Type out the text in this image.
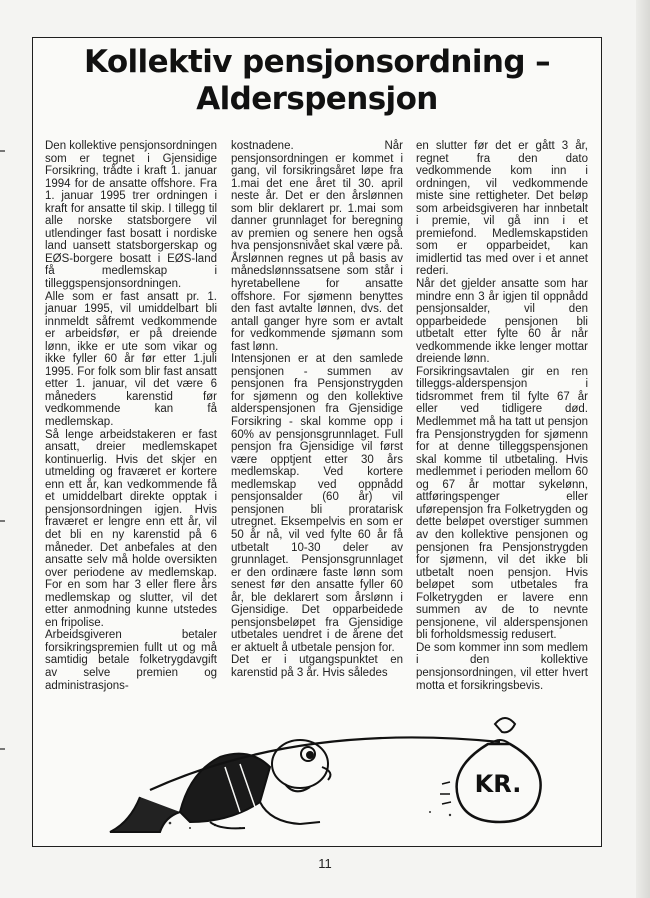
Kollektiv pensjonsordning –
Alderspensjon

Den kollektive pensjonsordningen som er tegnet i Gjensidige Forsikring, trådte i kraft 1. januar 1994 for de ansatte offshore. Fra 1. januar 1995 trer ordningen i kraft for ansatte til skip. I tillegg til alle norske statsborgere vil utlendinger fast bosatt i nordiske land uansett statsborgerskap og EØS-borgere bosatt i EØS-land få medlemskap i tilleggspensjonsordningen.

Alle som er fast ansatt pr. 1. januar 1995, vil umiddelbart bli innmeldt såfremt vedkommende er arbeidsfør, er på dreiende lønn, ikke er ute som vikar og ikke fyller 60 år før etter 1.juli 1995. For folk som blir fast ansatt etter 1. januar, vil det være 6 måneders karenstid før vedkommende kan få medlemskap.

Så lenge arbeidstakeren er fast ansatt, dreier medlemskapet kontinuerlig. Hvis det skjer en utmelding og fraværet er kortere enn ett år, kan vedkommende få et umiddelbart direkte opptak i pensjonsordningen igjen. Hvis fraværet er lengre enn ett år, vil det bli en ny karenstid på 6 måneder. Det anbefales at den ansatte selv må holde oversikten over periodene av medlemskap. For en som har 3 eller flere års medlemskap og slutter, vil det etter anmodning kunne utstedes en fripolise.

Arbeidsgiveren betaler forsikringspremien fullt ut og må samtidig betale folketrygdavgift av selve premien og administrasjons-

kostnadene. Når pensjonsordningen er kommet i gang, vil forsikringsåret løpe fra 1.mai det ene året til 30. april neste år. Det er den årslønnen som blir deklarert pr. 1.mai som danner grunnlaget for beregning av premien og senere hen også hva pensjonsnivået skal være på. Årslønnen regnes ut på basis av månedslønnssatsene som står i hyretabellene for ansatte offshore. For sjømenn benyttes den fast avtalte lønnen, dvs. det antall ganger hyre som er avtalt for vedkommende sjømann som fast lønn.

Intensjonen er at den samlede pensjonen - summen av pensjonen fra Pensjonstrygden for sjømenn og den kollektive alderspensjonen fra Gjensidige Forsikring - skal komme opp i 60% av pensjonsgrunnlaget. Full pensjon fra Gjensidige vil først være opptjent etter 30 års medlemskap. Ved kortere medlemskap ved oppnådd pensjonsalder (60 år) vil pensjonen bli proratarisk utregnet. Eksempelvis en som er 50 år nå, vil ved fylte 60 år få utbetalt 10-30 deler av grunnlaget. Pensjonsgrunnlaget er den ordinære faste lønn som senest før den ansatte fyller 60 år, ble deklarert som årslønn i Gjensidige. Det opparbeidede pensjonsbeløpet fra Gjensidige utbetales uendret i de årene det er aktuelt å utbetale pensjon for.

Det er i utgangspunktet en karenstid på 3 år. Hvis således

en slutter før det er gått 3 år, regnet fra den dato vedkommende kom inn i ordningen, vil vedkommende miste sine rettigheter. Det beløp som arbeidsgiveren har innbetalt i premie, vil gå inn i et premiefond. Medlemskapstiden som er opparbeidet, kan imidlertid tas med over i et annet rederi.

Når det gjelder ansatte som har mindre enn 3 år igjen til oppnådd pensjonsalder, vil den opparbeidede pensjonen bli utbetalt etter fylte 60 år når vedkommende ikke lenger mottar dreiende lønn.

Forsikringsavtalen gir en ren tilleggs-alderspensjon i tidsrommet frem til fylte 67 år eller ved tidligere død. Medlemmet må ha tatt ut pensjon fra Pensjonstrygden for sjømenn for at denne tilleggspensjonen skal komme til utbetaling. Hvis medlemmet i perioden mellom 60 og 67 år mottar sykelønn, attføringspenger eller uførepensjon fra Folketrygden og dette beløpet overstiger summen av den kollektive pensjonen og pensjonen fra Pensjonstrygden for sjømenn, vil det ikke bli utbetalt noen pensjon. Hvis beløpet som utbetales fra Folketrygden er lavere enn summen av de to nevnte pensjonene, vil alderspensjonen bli forholdsmessig redusert.

De som kommer inn som medlem i den kollektive pensjonsordningen, vil etter hvert motta et forsikringsbevis.

KR.
11
